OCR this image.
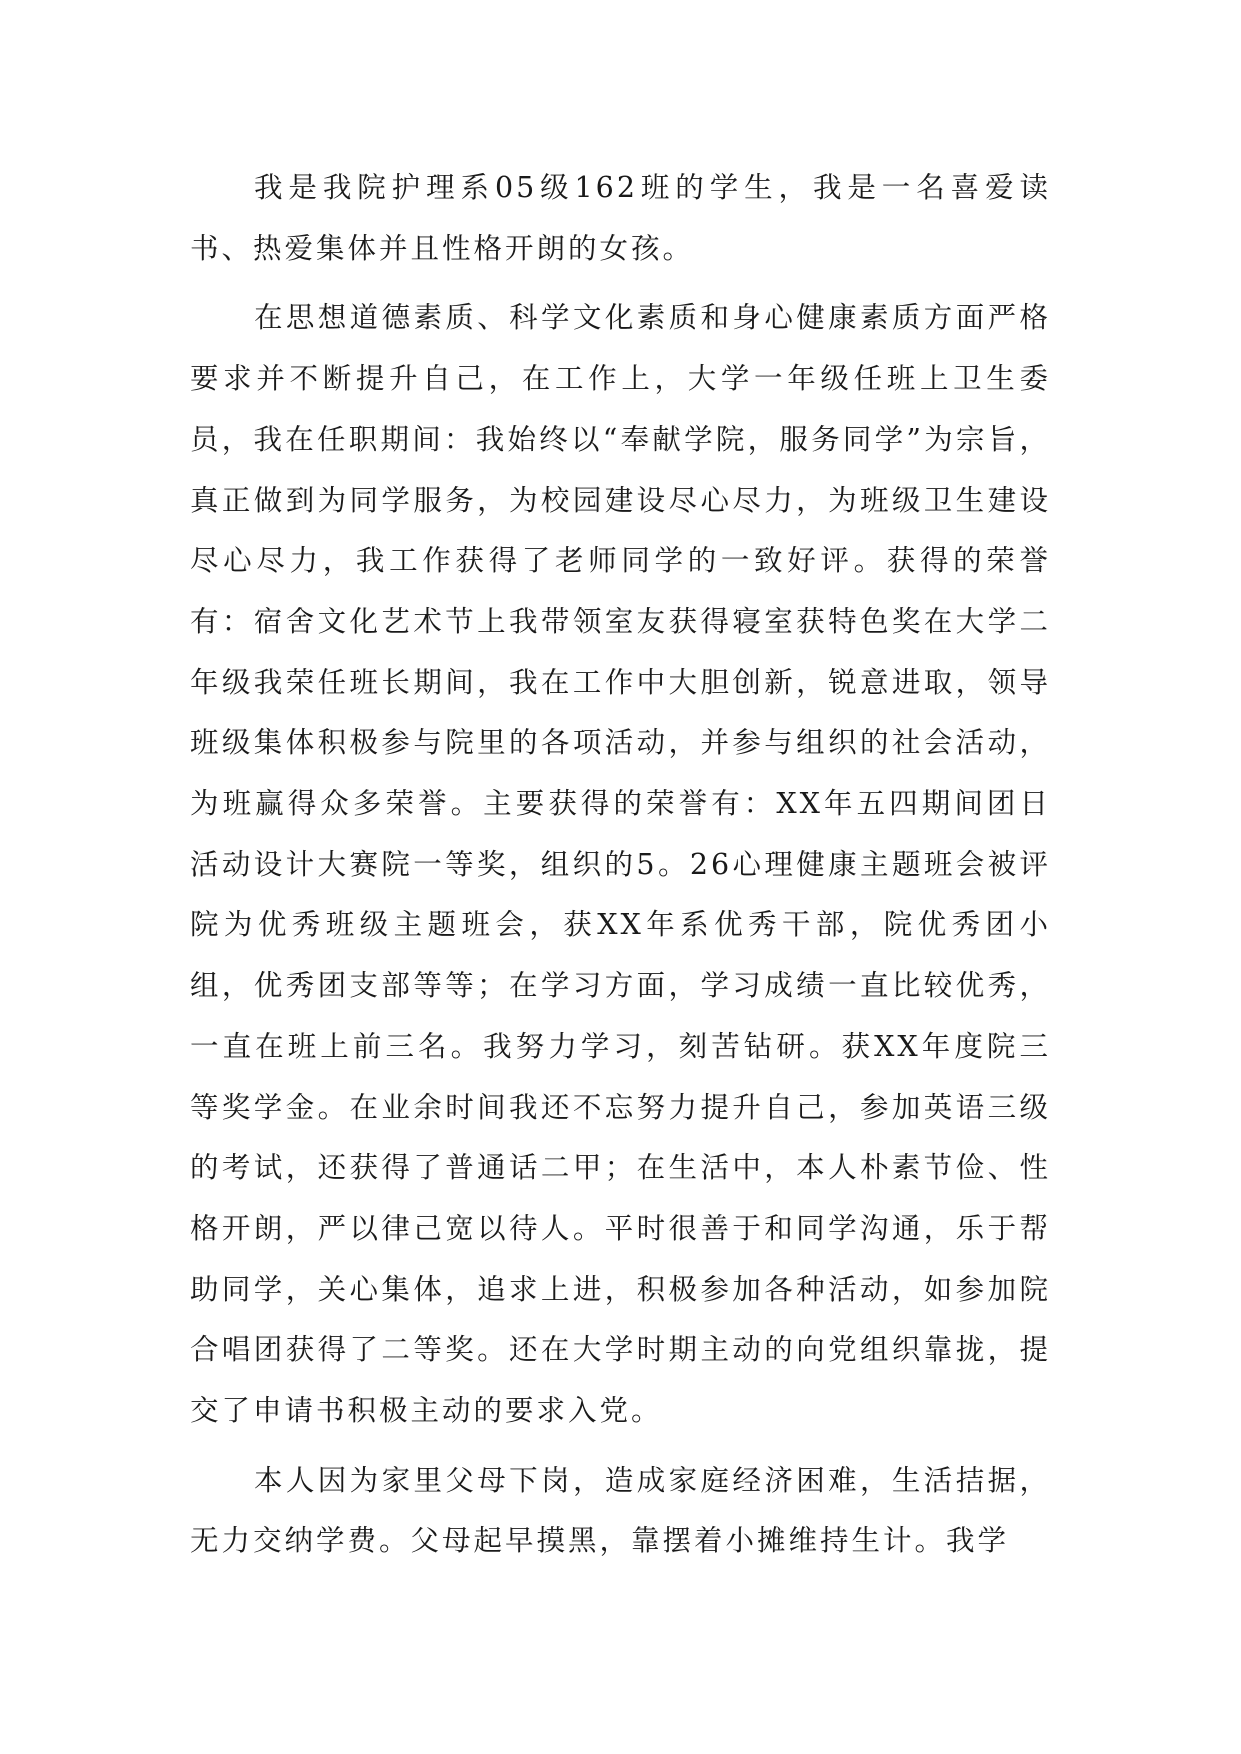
我是我院护理系05级162班的学生，我是一名喜爱读书、热爱集体并且性格开朗的女孩。

在思想道德素质、科学文化素质和身心健康素质方面严格要求并不断提升自己，在工作上，大学一年级任班上卫生委员，我在任职期间：我始终以“奉献学院，服务同学”为宗旨，真正做到为同学服务，为校园建设尽心尽力，为班级卫生建设尽心尽力，我工作获得了老师同学的一致好评。获得的荣誉有：宿舍文化艺术节上我带领室友获得寝室获特色奖在大学二年级我荣任班长期间，我在工作中大胆创新，锐意进取，领导班级集体积极参与院里的各项活动，并参与组织的社会活动，为班赢得众多荣誉。主要获得的荣誉有：XX年五四期间团日活动设计大赛院一等奖，组织的5。26心理健康主题班会被评院为优秀班级主题班会，获XX年系优秀干部，院优秀团小组，优秀团支部等等；在学习方面，学习成绩一直比较优秀，一直在班上前三名。我努力学习，刻苦钻研。获XX年度院三等奖学金。在业余时间我还不忘努力提升自己，参加英语三级的考试，还获得了普通话二甲；在生活中，本人朴素节俭、性格开朗，严以律己宽以待人。平时很善于和同学沟通，乐于帮助同学，关心集体，追求上进，积极参加各种活动，如参加院合唱团获得了二等奖。还在大学时期主动的向党组织靠拢，提交了申请书积极主动的要求入党。

本人因为家里父母下岗，造成家庭经济困难，生活拮据，无力交纳学费。父母起早摸黑，靠摆着小摊维持生计。我学
